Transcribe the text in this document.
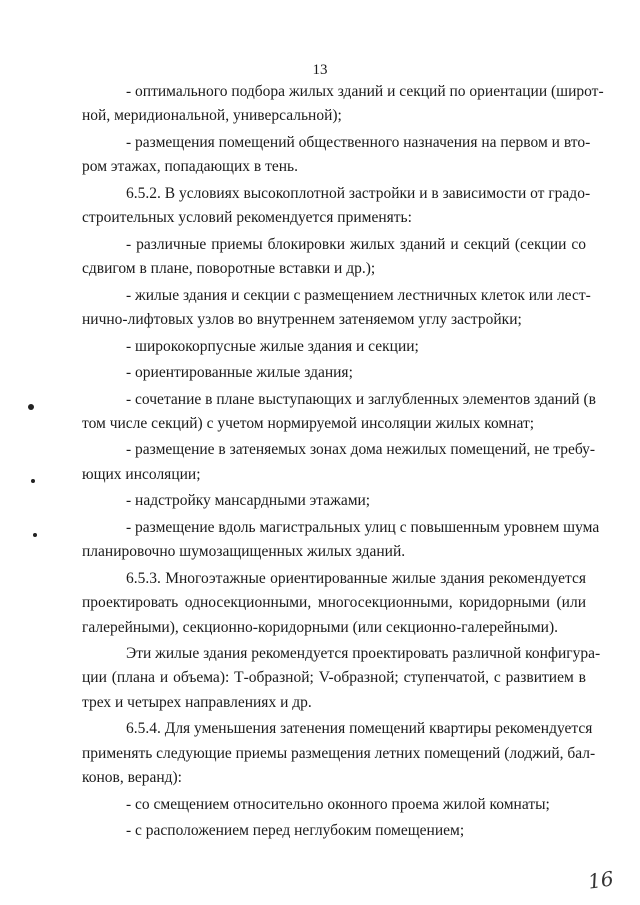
13
- оптимального подбора жилых зданий и секций по ориентации (широт-
ной, меридиональной, универсальной);
- размещения помещений общественного назначения на первом и вто-
ром этажах, попадающих в тень.
6.5.2. В условиях высокоплотной застройки и в зависимости от градо-
строительных условий рекомендуется применять:
- различные приемы блокировки жилых зданий и секций (секции со
сдвигом в плане, поворотные вставки и др.);
- жилые здания и секции с размещением лестничных клеток или лест-
нично-лифтовых узлов во внутреннем затеняемом углу застройки;
- ширококорпусные жилые здания и секции;
- ориентированные жилые здания;
- сочетание в плане выступающих и заглубленных элементов зданий (в
том числе секций) с учетом нормируемой инсоляции жилых комнат;
- размещение в затеняемых зонах дома нежилых помещений, не требу-
ющих инсоляции;
- надстройку мансардными этажами;
- размещение вдоль магистральных улиц с повышенным уровнем шума
планировочно шумозащищенных жилых зданий.
6.5.3. Многоэтажные ориентированные жилые здания рекомендуется
проектировать односекционными, многосекционными, коридорными (или
галерейными), секционно-коридорными (или секционно-галерейными).
Эти жилые здания рекомендуется проектировать различной конфигура-
ции (плана и объема): Т-образной; V-образной; ступенчатой, с развитием в
трех и четырех направлениях и др.
6.5.4. Для уменьшения затенения помещений квартиры рекомендуется
применять следующие приемы размещения летних помещений (лоджий, бал-
конов, веранд):
- со смещением относительно оконного проема жилой комнаты;
- с расположением перед неглубоким помещением;
16
